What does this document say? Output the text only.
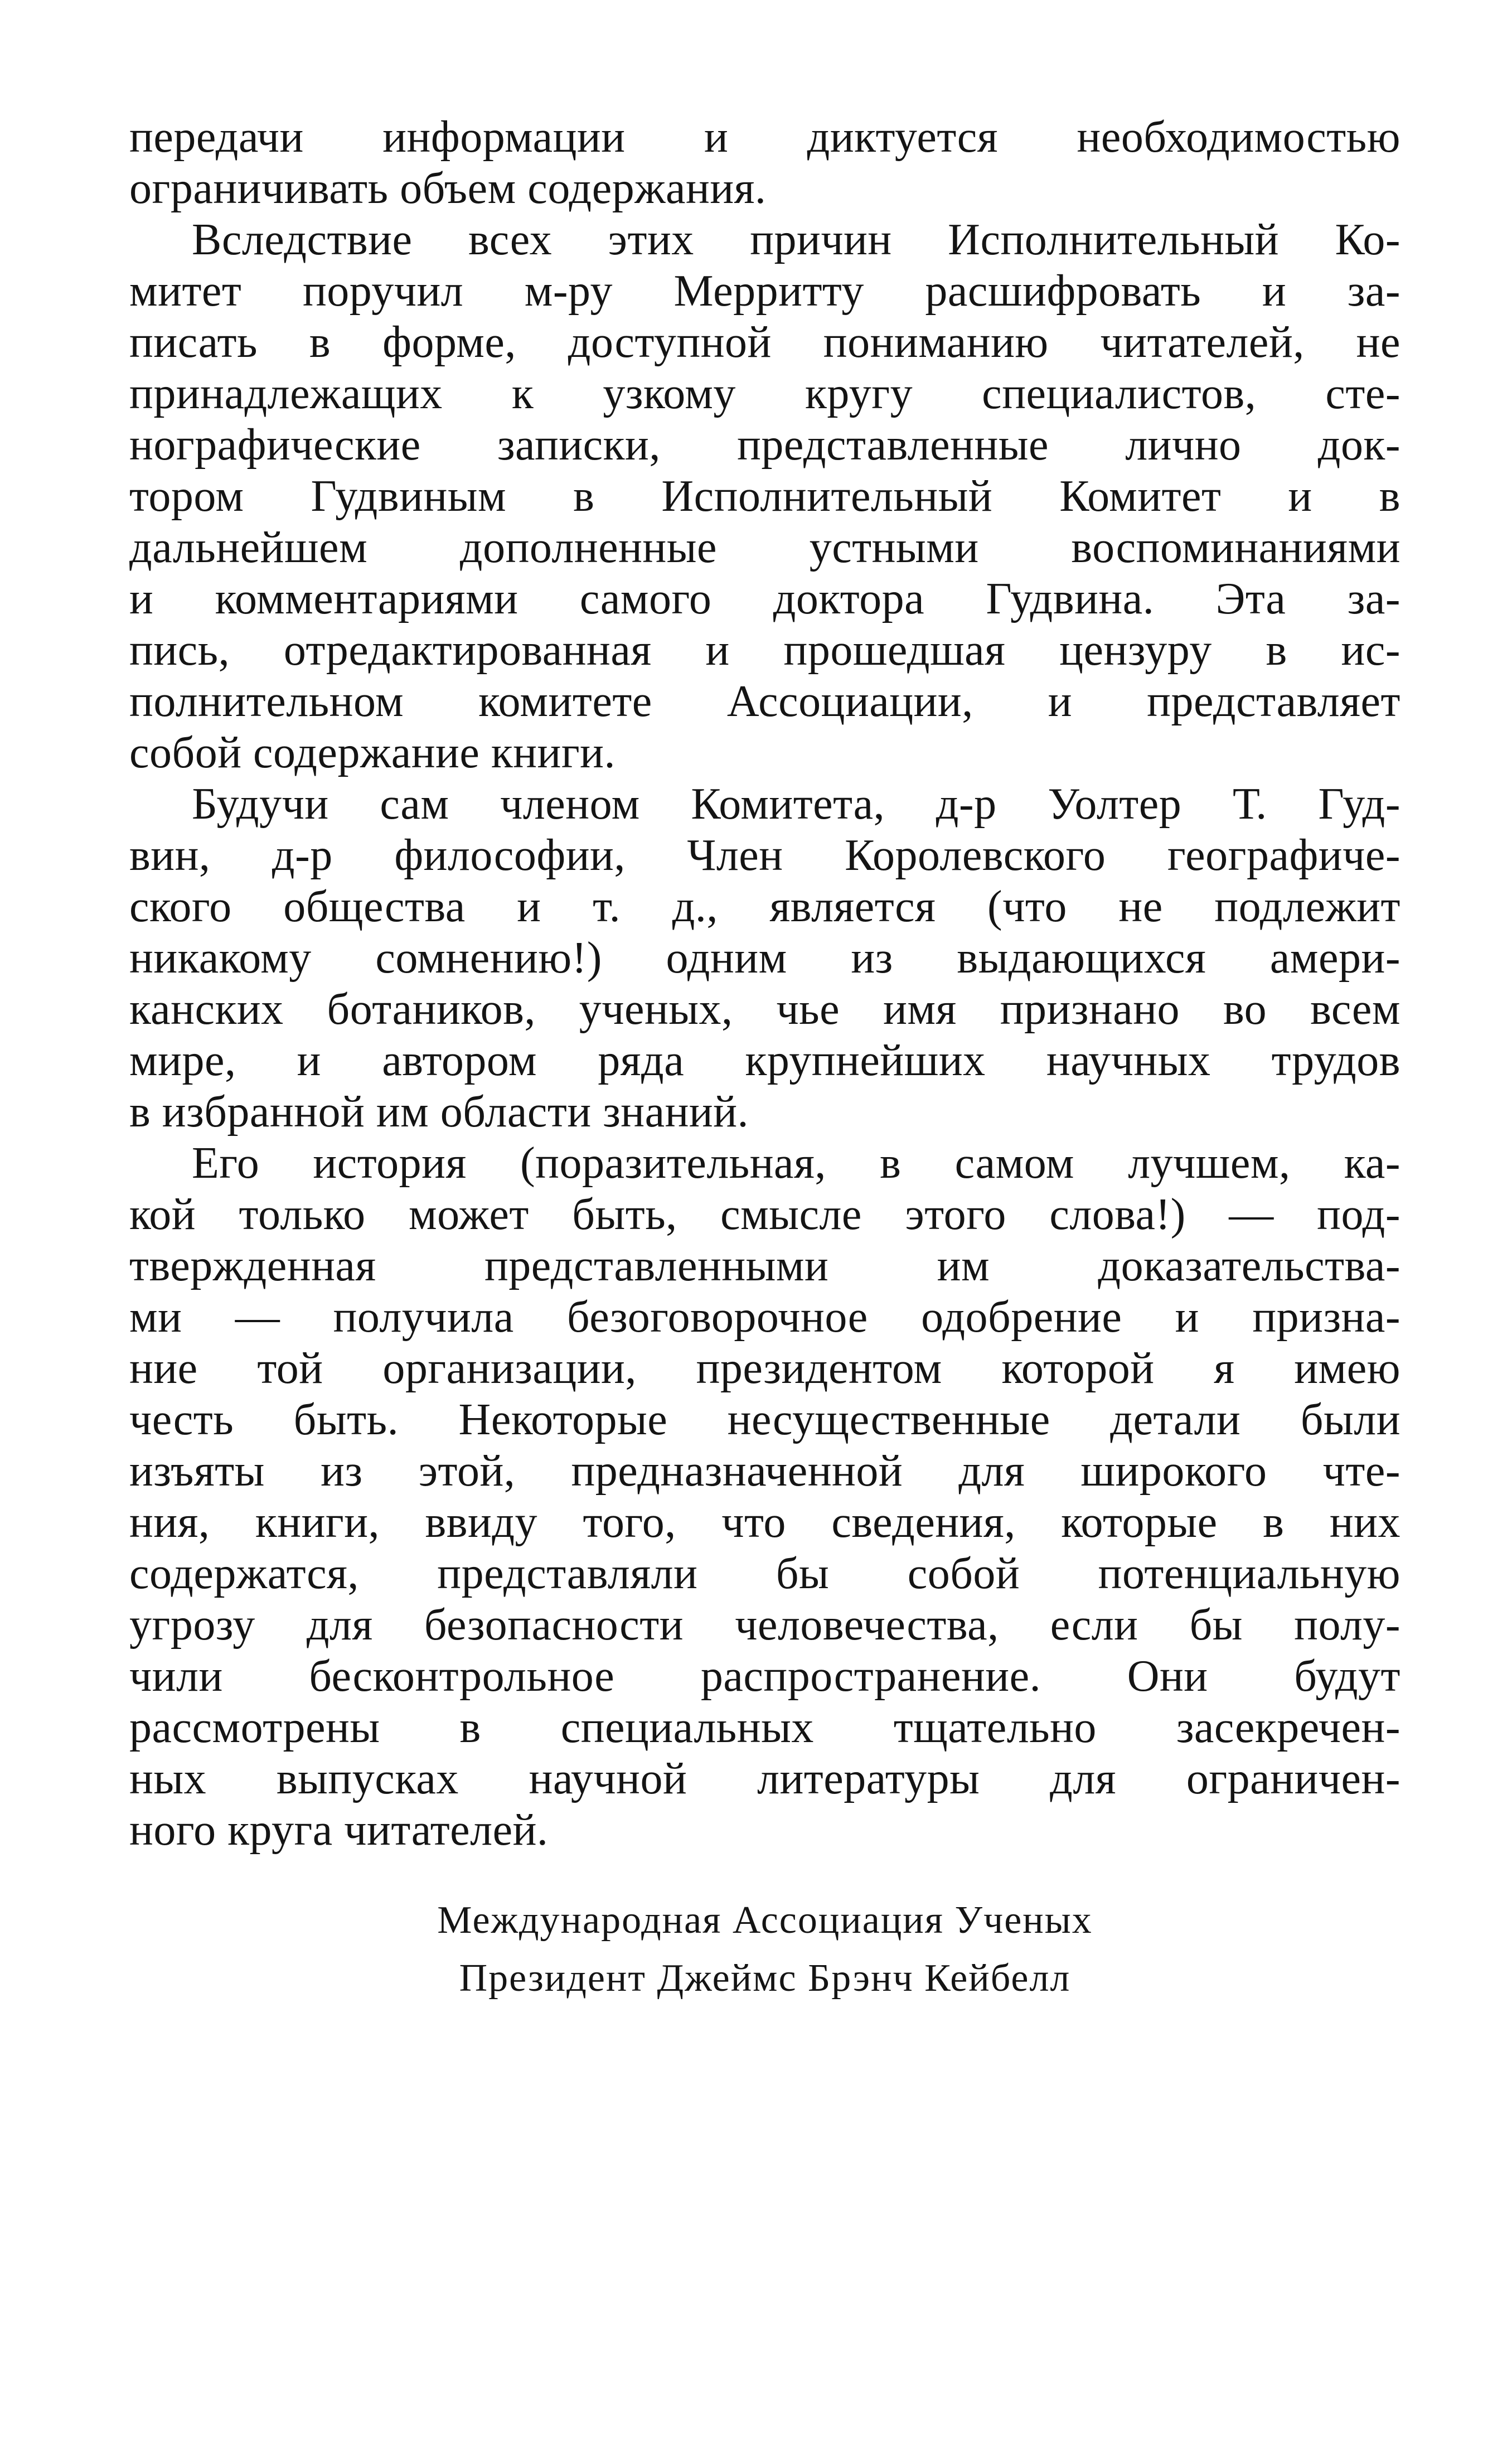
передачи информации и диктуется необходимостью
ограничивать объем содержания.
Вследствие всех этих причин Исполнительный Ко-
митет поручил м-ру Мерритту расшифровать и за-
писать в форме, доступной пониманию читателей, не
принадлежащих к узкому кругу специалистов, сте-
нографические записки, представленные лично док-
тором Гудвиным в Исполнительный Комитет и в
дальнейшем дополненные устными воспоминаниями
и комментариями самого доктора Гудвина. Эта за-
пись, отредактированная и прошедшая цензуру в ис-
полнительном комитете Ассоциации, и представляет
собой содержание книги.
Будучи сам членом Комитета, д-р Уолтер Т. Гуд-
вин, д-р философии, Член Королевского географиче-
ского общества и т. д., является (что не подлежит
никакому сомнению!) одним из выдающихся амери-
канских ботаников, ученых, чье имя признано во всем
мире, и автором ряда крупнейших научных трудов
в избранной им области знаний.
Его история (поразительная, в самом лучшем, ка-
кой только может быть, смысле этого слова!) — под-
твержденная представленными им доказательства-
ми — получила безоговорочное одобрение и призна-
ние той организации, президентом которой я имею
честь быть. Некоторые несущественные детали были
изъяты из этой, предназначенной для широкого чте-
ния, книги, ввиду того, что сведения, которые в них
содержатся, представляли бы собой потенциальную
угрозу для безопасности человечества, если бы полу-
чили бесконтрольное распространение. Они будут
рассмотрены в специальных тщательно засекречен-
ных выпусках научной литературы для ограничен-
ного круга читателей.
Международная Ассоциация Ученых
Президент Джеймс Брэнч Кейбелл
